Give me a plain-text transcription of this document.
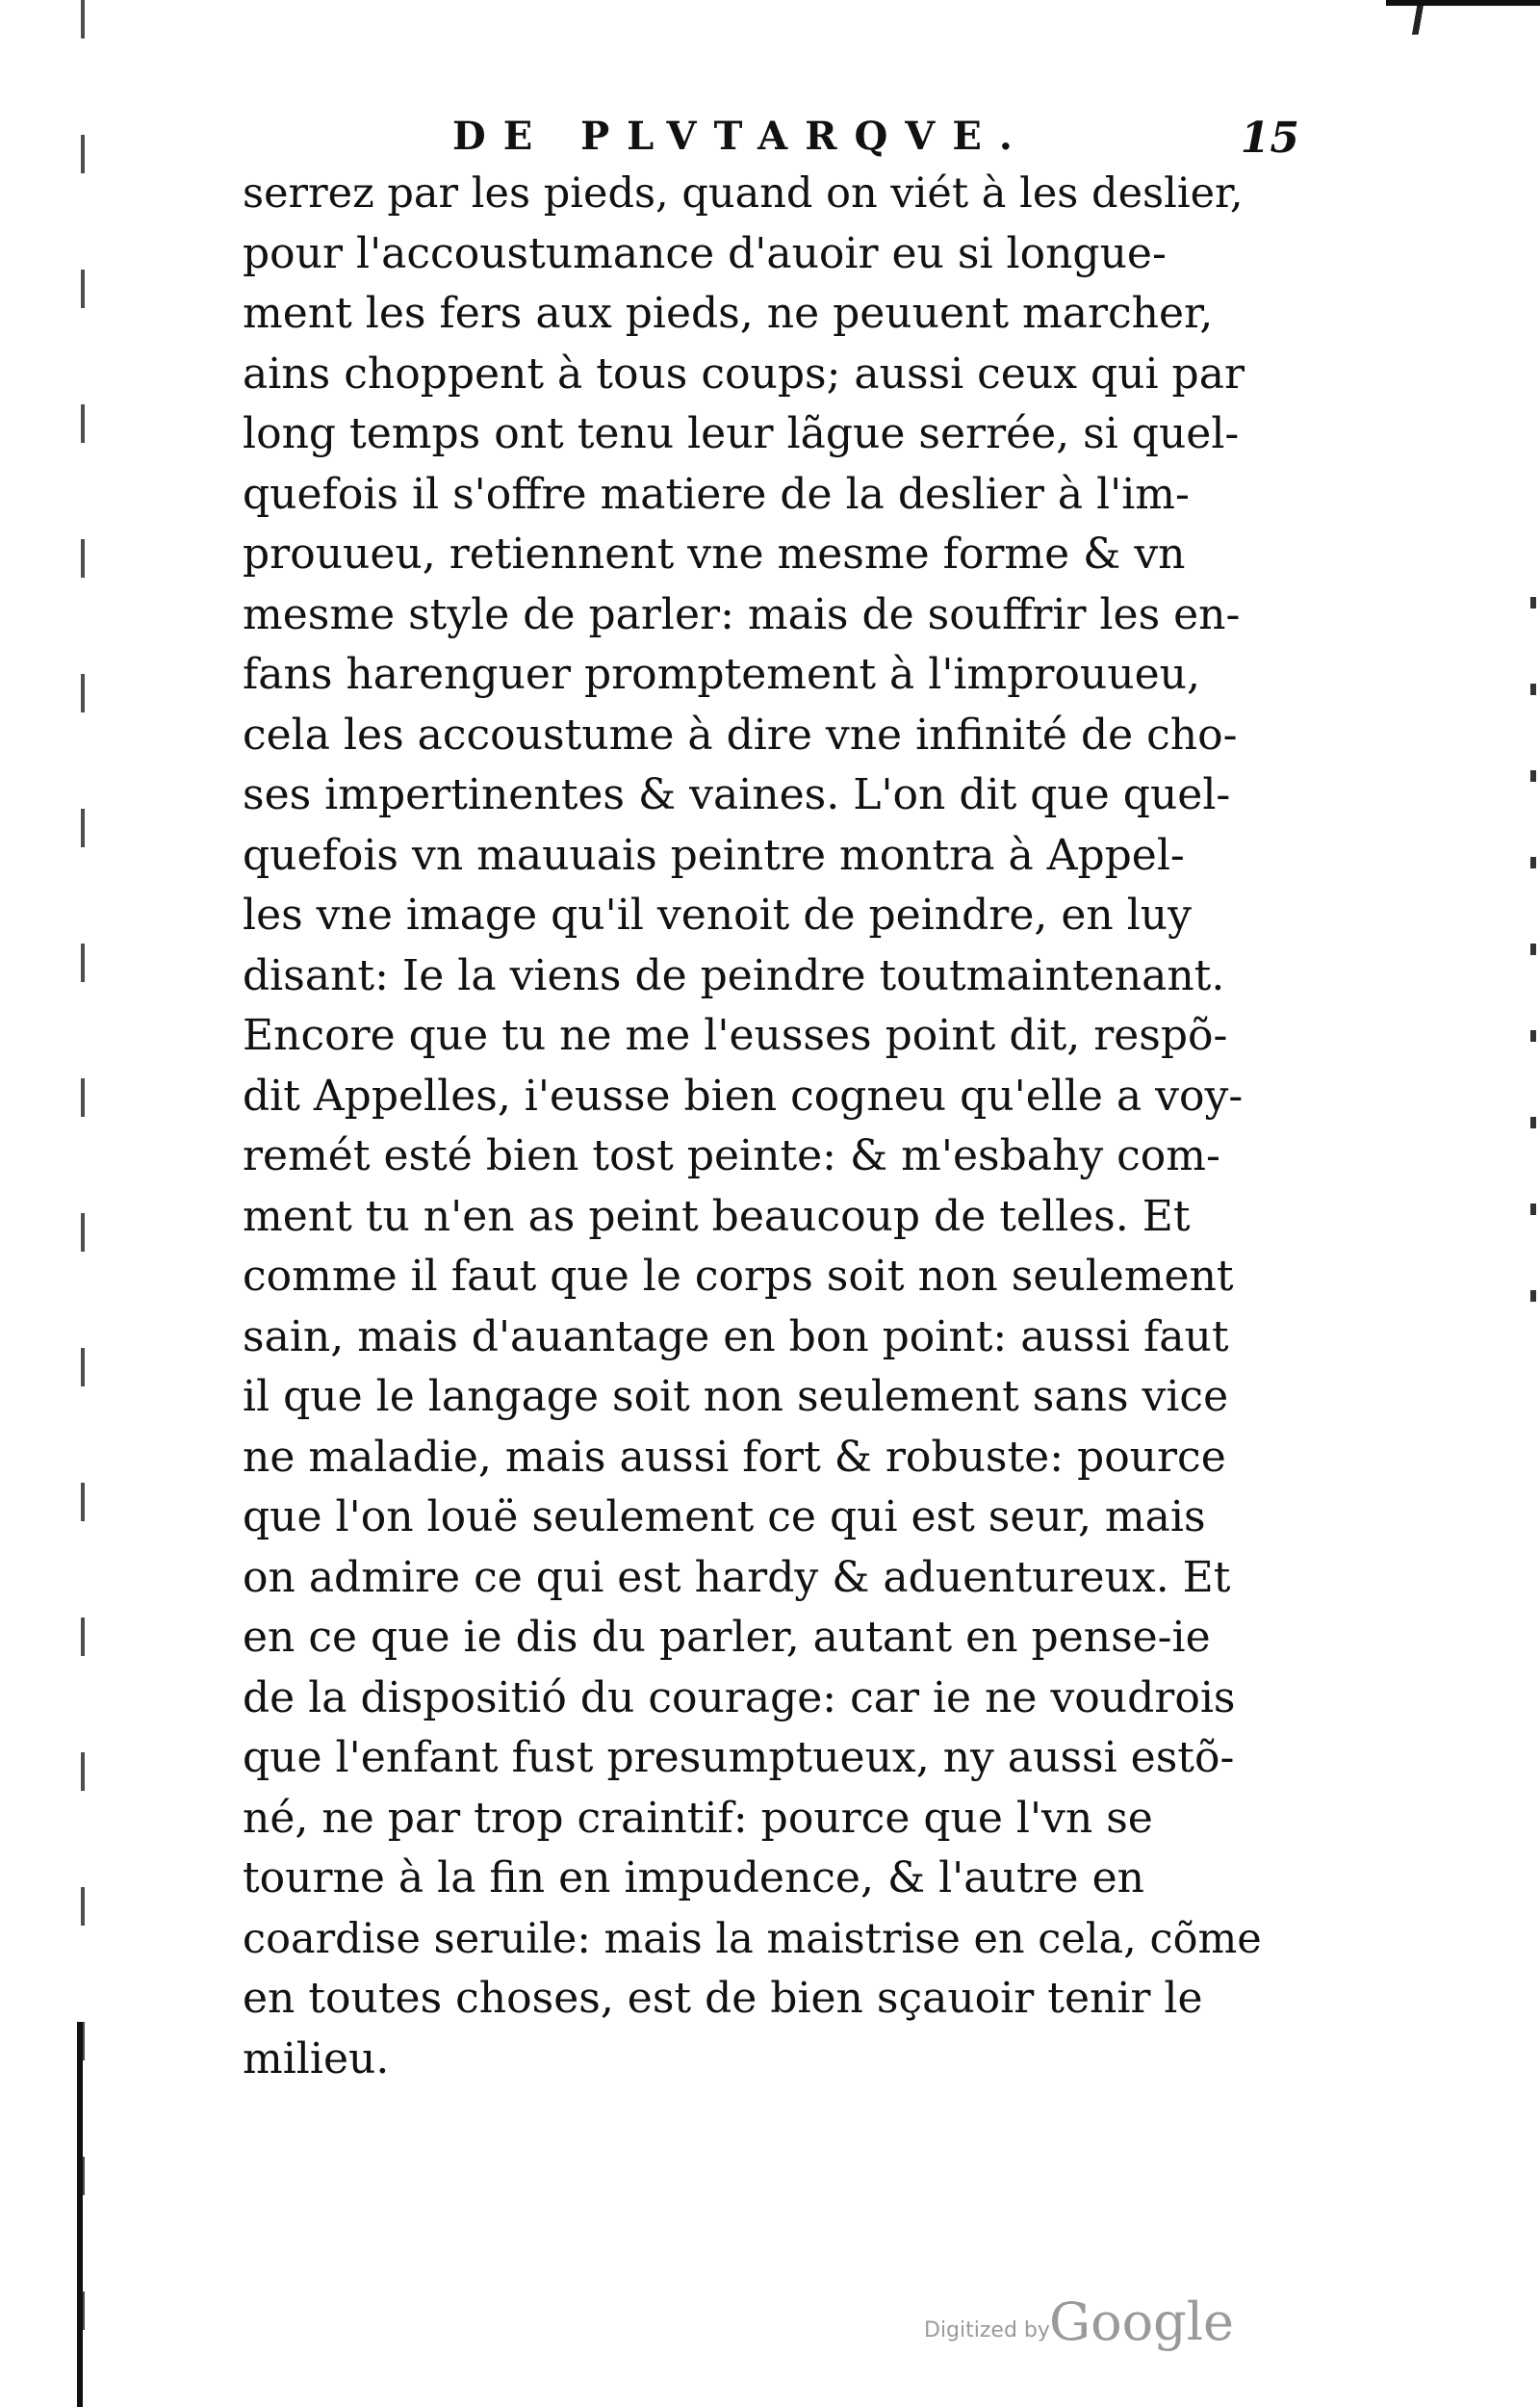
DE PLVTARQVE.	15
serrez par les pieds, quand on viét à les deslier,
pour l'accoustumance d'auoir eu si longue-
ment les fers aux pieds, ne peuuent marcher,
ains choppent à tous coups; aussi ceux qui par
long temps ont tenu leur lãgue serrée, si quel-
quefois il s'offre matiere de la deslier à l'im-
prouueu, retiennent vne mesme forme & vn
mesme style de parler: mais de souffrir les en-
fans harenguer promptement à l'improuueu,
cela les accoustume à dire vne infinité de cho-
ses impertinentes & vaines. L'on dit que quel-
quefois vn mauuais peintre montra à Appel-
les vne image qu'il venoit de peindre, en luy
disant: Ie la viens de peindre toutmaintenant.
Encore que tu ne me l'eusses point dit, respõ-
dit Appelles, i'eusse bien cogneu qu'elle a voy-
remét esté bien tost peinte: & m'esbahy com-
ment tu n'en as peint beaucoup de telles. Et
comme il faut que le corps soit non seulement
sain, mais d'auantage en bon point: aussi faut
il que le langage soit non seulement sans vice
ne maladie, mais aussi fort & robuste: pource
que l'on louë seulement ce qui est seur, mais
on admire ce qui est hardy & aduentureux. Et
en ce que ie dis du parler, autant en pense-ie
de la dispositió du courage: car ie ne voudrois
que l'enfant fust presumptueux, ny aussi estõ-
né, ne par trop craintif: pource que l'vn se
tourne à la fin en impudence, & l'autre en
coardise seruile: mais la maistrise en cela, cõme
en toutes choses, est de bien sçauoir tenir le
milieu.
Digitized by Google
